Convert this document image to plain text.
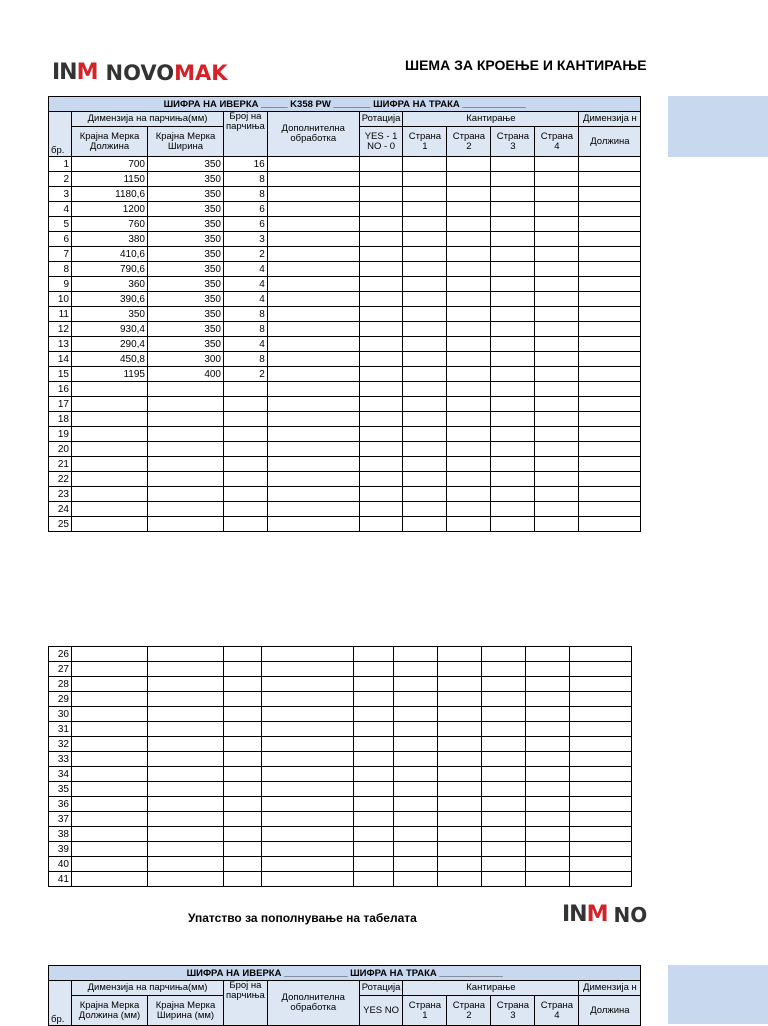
INM NOVOMAK	ШЕМА ЗА КРОЕЊЕ И КАНТИРАЊЕ
ШИФРА НА ИВЕРКА _____ K358 PW _______ ШИФРА НА ТРАКА ____________										
бр.	Димензија на парчиња(мм)		Број на парчиња	Дополнителна обработка	Ротација	Кантирање				Димензија н
	Крајна Мерка Должина	Крајна Мерка Ширина			YES - 1 NO - 0	Страна 1	Страна 2	Страна 3	Страна 4	Должина
1	700	350	16							
2	1150	350	8							
3	1180,6	350	8							
4	1200	350	6							
5	760	350	6							
6	380	350	3							
7	410,6	350	2							
8	790,6	350	4							
9	360	350	4							
10	390,6	350	4							
11	350	350	8							
12	930,4	350	8							
13	290,4	350	4							
14	450,8	300	8							
15	1195	400	2							
16										
17										
18										
19										
20										
21										
22										
23										
24										
25										
26										
27										
28										
29										
30										
31										
32										
33										
34										
35										
36										
37										
38										
39										
40										
41										
Упатство за пополнување на табелата	INM NO
ШИФРА НА ИВЕРКА ____________ ШИФРА НА ТРАКА ____________										
бр.	Димензија на парчиња(мм)		Број на парчиња	Дополнителна обработка	Ротација	Кантирање				Димензија н
	Крајна Мерка Должина (мм)	Крајна Мерка Ширина (мм)			YES NO	Страна 1	Страна 2	Страна 3	Страна 4	Должина
